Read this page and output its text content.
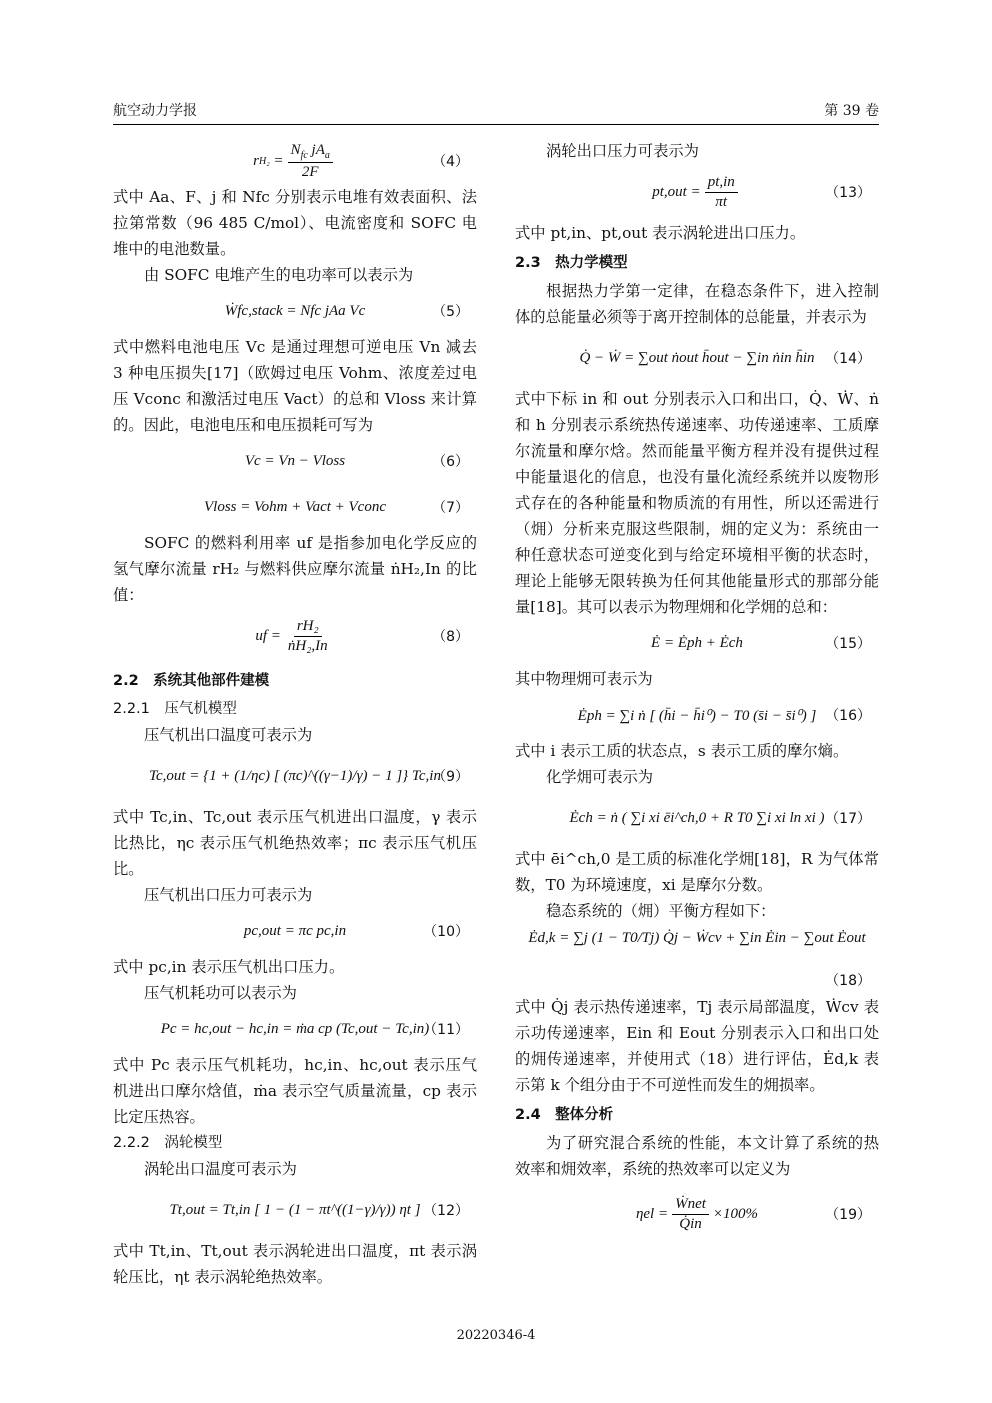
航空动力学报	第 39 卷
r $H_2 = \frac{N_{fc} jA_a}{2F}$	（4）

式中 Aa、F、j 和 Nfc 分别表示电堆有效表面积、法拉第常数（96 485 C/mol）、电流密度和 SOFC 电堆中的电池数量。

由 SOFC 电堆产生的电功率可以表示为

Ẇfc,stack = Nfc jAa Vc	（5）

式中燃料电池电压 Vc 是通过理想可逆电压 Vn 减去 3 种电压损失[17]（欧姆过电压 Vohm、浓度差过电压 Vconc 和激活过电压 Vact）的总和 Vloss 来计算的。因此，电池电压和电压损耗可写为

Vc = Vn − Vloss	（6）
Vloss = Vohm + Vact + Vconc	（7）

SOFC 的燃料利用率 uf 是指参加电化学反应的氢气摩尔流量 rH₂ 与燃料供应摩尔流量 ṅH₂,In 的比值：

uf = $\frac{\text{rH₂}}{\text{ṅH₂,In}}$	（8）
2.2　系统其他部件建模
2.2.1　压气机模型

压气机出口温度可表示为

Tc,out = {1 + (1/ηc) [ (πc)^((γ−1)/γ) − 1 ]} Tc,in
（9）

式中 Tc,in、Tc,out 表示压气机进出口温度，γ 表示比热比，ηc 表示压气机绝热效率；πc 表示压气机压比。

压气机出口压力可表示为

pc,out = πc pc,in	（10）

式中 pc,in 表示压气机出口压力。

压气机耗功可以表示为

Pc = hc,out − hc,in = ṁa cp (Tc,out − Tc,in)
（11）

式中 Pc 表示压气机耗功，hc,in、hc,out 表示压气机进出口摩尔焓值，ṁa 表示空气质量流量，cp 表示比定压热容。

2.2.2　涡轮模型

涡轮出口温度可表示为

Tt,out = Tt,in [ 1 − (1 − πt^((1−γ)/γ)) ηt ] （12）

式中 Tt,in、Tt,out 表示涡轮进出口温度，πt 表示涡轮压比，ηt 表示涡轮绝热效率。

涡轮出口压力可表示为

$pt,out = \frac{pt,in}{\pi t}$	（13）

式中 pt,in、pt,out 表示涡轮进出口压力。

2.3　热力学模型

根据热力学第一定律，在稳态条件下，进入控制体的总能量必须等于离开控制体的总能量，并表示为

Q̇ − Ẇ = ∑out ṅout h̄out − ∑in ṅin h̄in （14）

式中下标 in 和 out 分别表示入口和出口，Q̇、Ẇ、ṅ 和 h 分别表示系统热传递速率、功传递速率、工质摩尔流量和摩尔焓。然而能量平衡方程并没有提供过程中能量退化的信息，也没有量化流经系统并以废物形式存在的各种能量和物质流的有用性，所以还需进行（㶲）分析来克服这些限制，㶲的定义为：系统由一种任意状态可逆变化到与给定环境相平衡的状态时，理论上能够无限转换为任何其他能量形式的那部分能量[18]。其可以表示为物理㶲和化学㶲的总和：

Ė = Ėph + Ėch	（15）

其中物理㶲可表示为

Ėph = ∑i ṅ [ (h̄i − h̄i⁰) − T0 (s̄i − s̄i⁰) ] （16）

式中 i 表示工质的状态点，s 表示工质的摩尔熵。

化学㶲可表示为

Ėch = ṅ ( ∑i xi ēi^ch,0 + R T0 ∑i xi ln xi ) （17）

式中 ēi^ch,0 是工质的标准化学㶲[18]，R 为气体常数，T0 为环境速度，xi 是摩尔分数。

稳态系统的（㶲）平衡方程如下：

Ėd,k = ∑j (1 − T0/Tj) Q̇j − Ẇcv + ∑in Ėin − ∑out Ėout
（18）

式中 Q̇j 表示热传递速率，Tj 表示局部温度，Ẇcv 表示功传递速率，Ein 和 Eout 分别表示入口和出口处的㶲传递速率，并使用式（18）进行评估，Ėd,k 表示第 k 个组分由于不可逆性而发生的㶲损率。

2.4　整体分析

为了研究混合系统的性能，本文计算了系统的热效率和㶲效率，系统的热效率可以定义为

$\eta el = \frac{\text{Ẇnet}}{Q̇in} \times 100\%$	（19）
20220346-4
